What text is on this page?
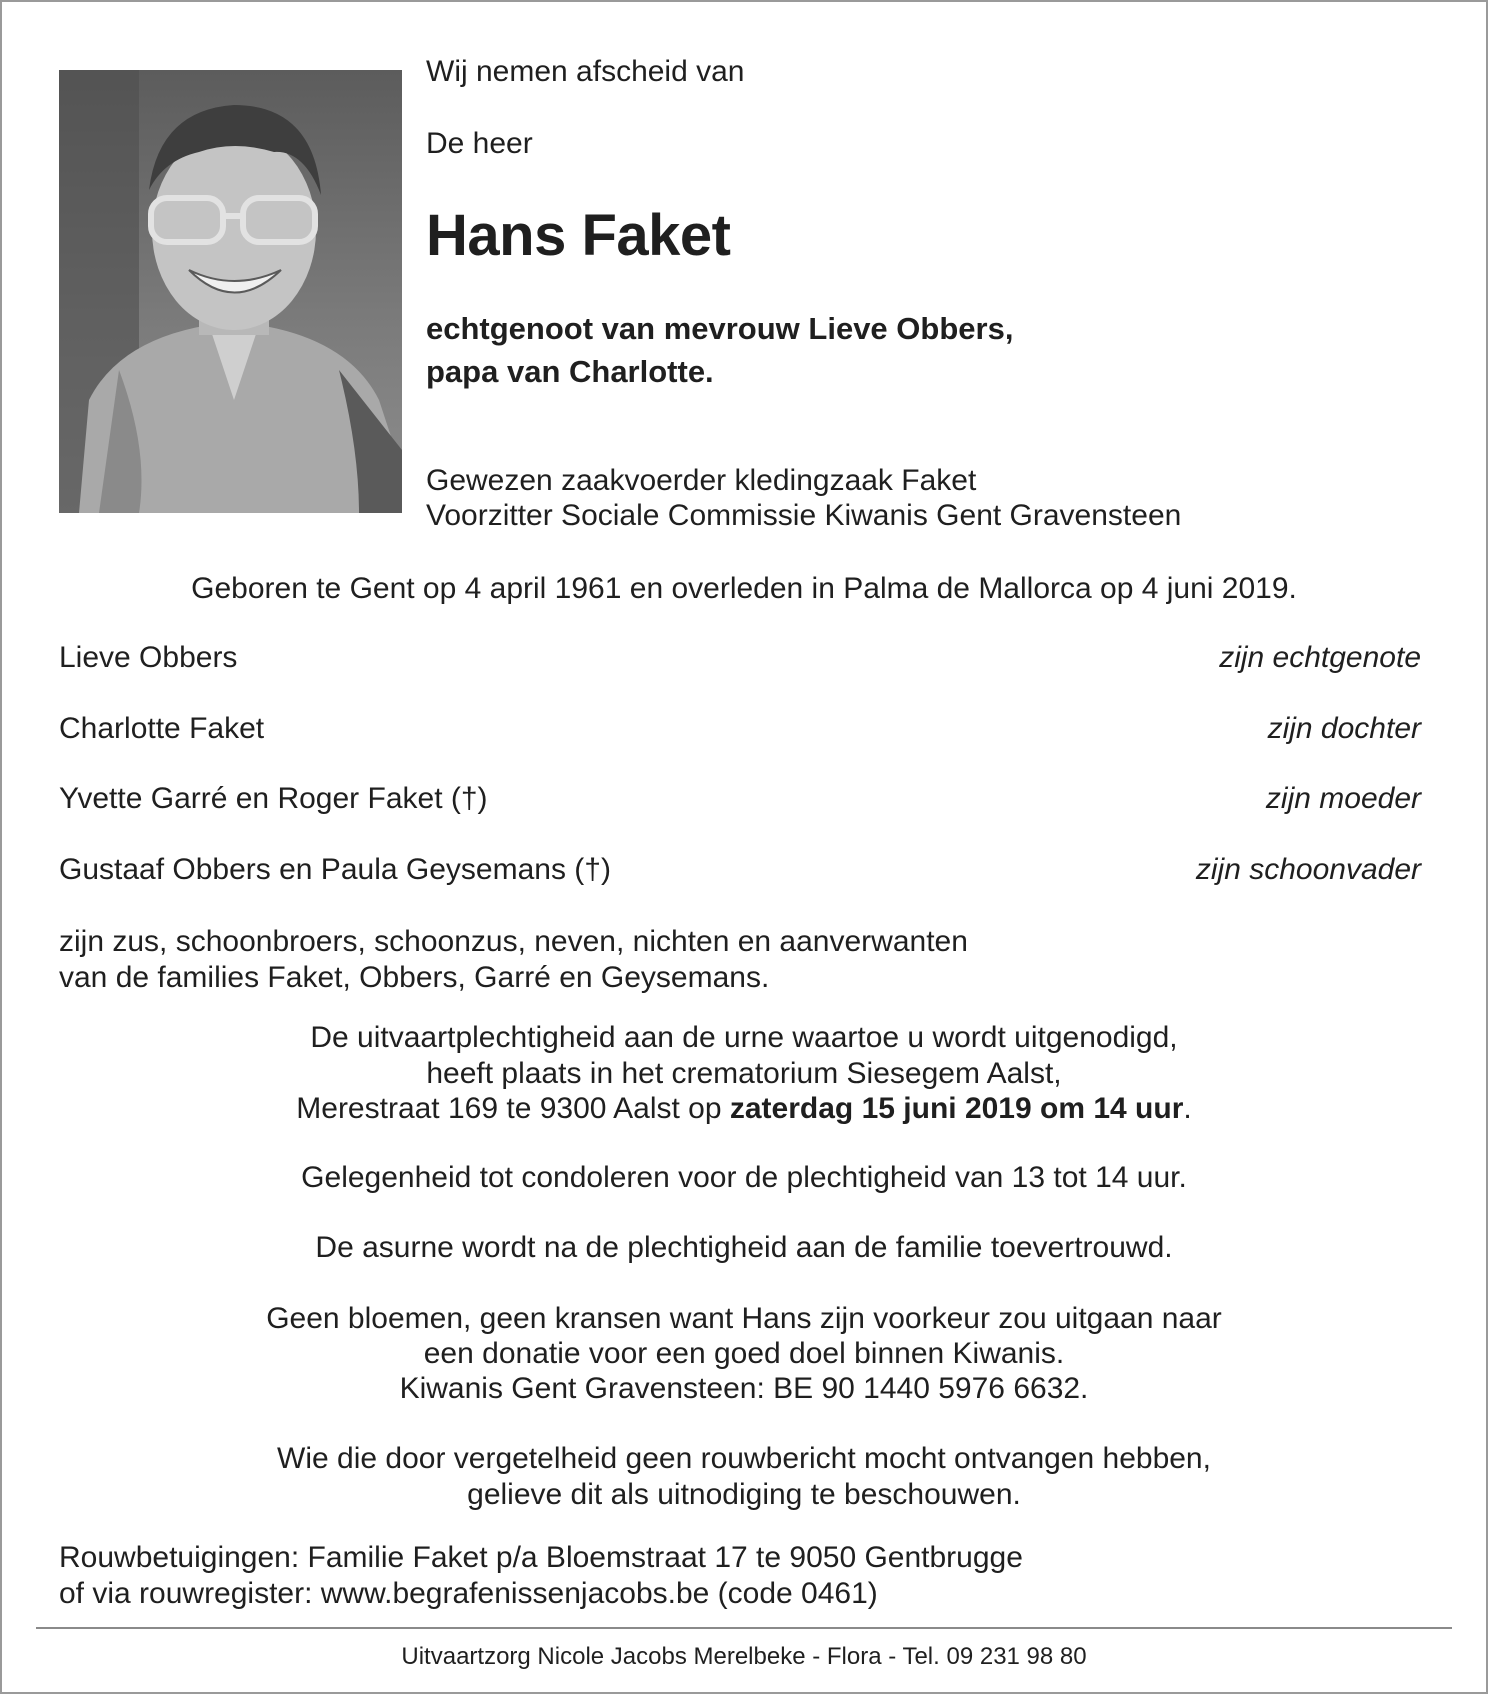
Wij nemen afscheid van
De heer
Hans Faket
echtgenoot van mevrouw Lieve Obbers,
papa van Charlotte.
Gewezen zaakvoerder kledingzaak Faket
Voorzitter Sociale Commissie Kiwanis Gent Gravensteen
Geboren te Gent op 4 april 1961 en overleden in Palma de Mallorca op 4 juni 2019.
Lieve Obbers	zijn echtgenote
Charlotte Faket	zijn dochter
Yvette Garré en Roger Faket (†)	zijn moeder
Gustaaf Obbers en Paula Geysemans (†)	zijn schoonvader
zijn zus, schoonbroers, schoonzus, neven, nichten en aanverwanten
van de families Faket, Obbers, Garré en Geysemans.
De uitvaartplechtigheid aan de urne waartoe u wordt uitgenodigd,
heeft plaats in het crematorium Siesegem Aalst,
Merestraat 169 te 9300 Aalst op zaterdag 15 juni 2019 om 14 uur.
Gelegenheid tot condoleren voor de plechtigheid van 13 tot 14 uur.
De asurne wordt na de plechtigheid aan de familie toevertrouwd.
Geen bloemen, geen kransen want Hans zijn voorkeur zou uitgaan naar
een donatie voor een goed doel binnen Kiwanis.
Kiwanis Gent Gravensteen: BE 90 1440 5976 6632.
Wie die door vergetelheid geen rouwbericht mocht ontvangen hebben,
gelieve dit als uitnodiging te beschouwen.
Rouwbetuigingen: Familie Faket p/a Bloemstraat 17 te 9050 Gentbrugge
of via rouwregister: www.begrafenissenjacobs.be (code 0461)
Uitvaartzorg Nicole Jacobs Merelbeke - Flora - Tel. 09 231 98 80
